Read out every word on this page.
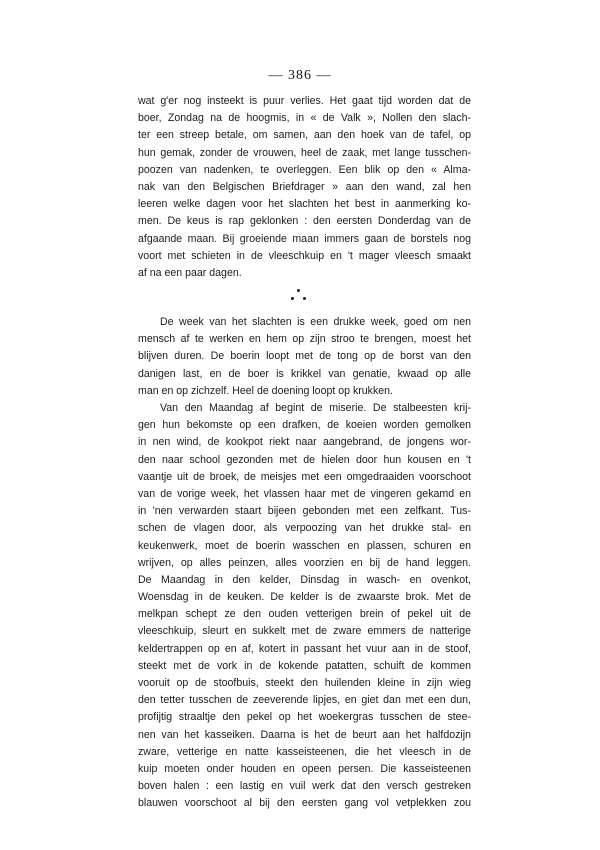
— 386 —
wat g'er nog insteekt is puur verlies. Het gaat tijd worden dat de
boer, Zondag na de hoogmis, in « de Valk », Nollen den slach-
ter een streep betale, om samen, aan den hoek van de tafel, op
hun gemak, zonder de vrouwen, heel de zaak, met lange tusschen-
poozen van nadenken, te overleggen. Een blik op den « Alma-
nak van den Belgischen Briefdrager » aan den wand, zal hen
leeren welke dagen voor het slachten het best in aanmerking ko-
men. De keus is rap geklonken : den eersten Donderdag van de
afgaande maan. Bij groeiende maan immers gaan de borstels nog
voort met schieten in de vleeschkuip en 't mager vleesch smaakt
af na een paar dagen.
De week van het slachten is een drukke week, goed om nen
mensch af te werken en hem op zijn stroo te brengen, moest het
blijven duren. De boerin loopt met de tong op de borst van den
danigen last, en de boer is krikkel van genatie, kwaad op alle
man en op zichzelf. Heel de doening loopt op krukken.
Van den Maandag af begint de miserie. De stalbeesten krij-
gen hun bekomste op een drafken, de koeien worden gemolken
in nen wind, de kookpot riekt naar aangebrand, de jongens wor-
den naar school gezonden met de hielen door hun kousen en 't
vaantje uit de broek, de meisjes met een omgedraaiden voorschoot
van de vorige week, het vlassen haar met de vingeren gekamd en
in 'nen verwarden staart bijeen gebonden met een zelfkant. Tus-
schen de vlagen door, als verpoozing van het drukke stal- en
keukenwerk, moet de boerin wasschen en plassen, schuren en
wrijven, op alles peinzen, alles voorzien en bij de hand leggen.
De Maandag in den kelder, Dinsdag in wasch- en ovenkot,
Woensdag in de keuken. De kelder is de zwaarste brok. Met de
melkpan schept ze den ouden vetterigen brein of pekel uit de
vleeschkuip, sleurt en sukkelt met de zware emmers de natterige
keldertrappen op en af, kotert in passant het vuur aan in de stoof,
steekt met de vork in de kokende patatten, schuift de kommen
vooruit op de stoofbuis, steekt den huilenden kleine in zijn wieg
den tetter tusschen de zeeverende lipjes, en giet dan met een dun,
profijtig straaltje den pekel op het woekergras tusschen de stee-
nen van het kasseiken. Daarna is het de beurt aan het halfdozijn
zware, vetterige en natte kasseisteenen, die het vleesch in de
kuip moeten onder houden en opeen persen. Die kasseisteenen
boven halen : een lastig en vuil werk dat den versch gestreken
blauwen voorschoot al bij den eersten gang vol vetplekken zou
